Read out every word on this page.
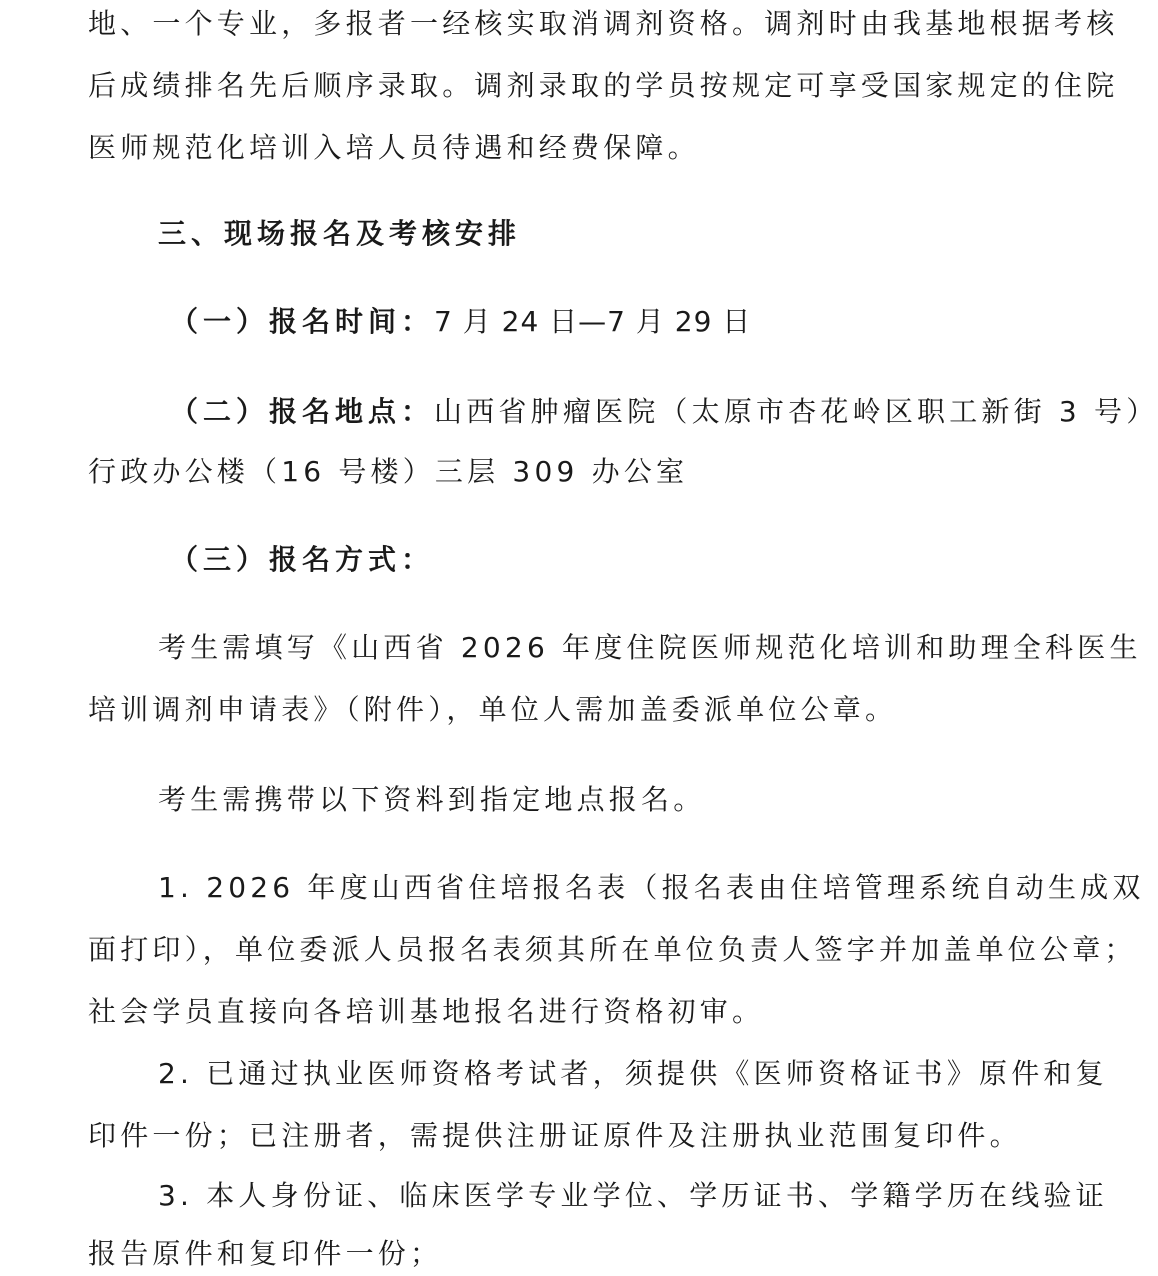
地、一个专业，多报者一经核实取消调剂资格。调剂时由我基地根据考核
后成绩排名先后顺序录取。调剂录取的学员按规定可享受国家规定的住院
医师规范化培训入培人员待遇和经费保障。
三、现场报名及考核安排
（一）报名时间：7 月 24 日—7 月 29 日
（二）报名地点：山西省肿瘤医院（太原市杏花岭区职工新街 3 号）
行政办公楼（16 号楼）三层 309 办公室
（三）报名方式：
考生需填写《山西省 2026 年度住院医师规范化培训和助理全科医生
培训调剂申请表》（附件），单位人需加盖委派单位公章。
考生需携带以下资料到指定地点报名。
1. 2026 年度山西省住培报名表（报名表由住培管理系统自动生成双
面打印），单位委派人员报名表须其所在单位负责人签字并加盖单位公章；
社会学员直接向各培训基地报名进行资格初审。
2. 已通过执业医师资格考试者，须提供《医师资格证书》原件和复
印件一份；已注册者，需提供注册证原件及注册执业范围复印件。
3. 本人身份证、临床医学专业学位、学历证书、学籍学历在线验证
报告原件和复印件一份；
